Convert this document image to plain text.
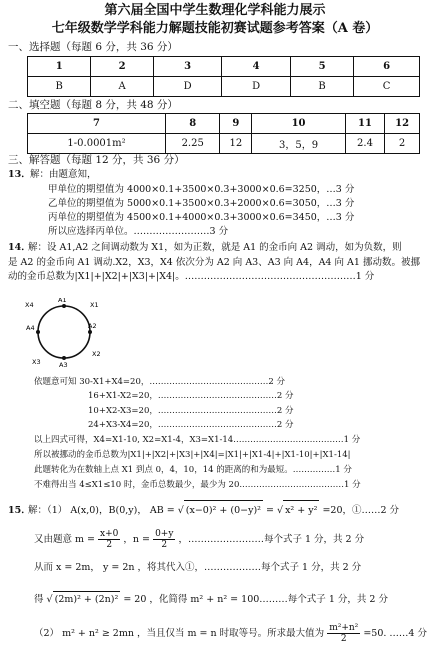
第六届全国中学生数理化学科能力展示
七年级数学学科能力解题技能初赛试题参考答案（A 卷）
一、选择题（每题 6 分，共 36 分）
1	2	3	4	5	6
B	A	D	D	B	C
二、填空题（每题 8 分，共 48 分）
7	8	9	10	11	12
1-0.0001m²	2.25	12	3，5，9	2.4	2
三、解答题（每题 12 分，共 36 分）
13． 解：由题意知，
甲单位的期望值为 4000×0.1+3500×0.3+3000×0.6=3250，…3 分
乙单位的期望值为 5000×0.1+3500×0.3+2000×0.6=3050，…3 分
丙单位的期望值为 4500×0.1+4000×0.3+3000×0.6=3450，…3 分
所以应选择丙单位。……………………3 分
14．
解：设 A1,A2 之间调动数为 X1，如为正数，就是 A1 的金币向 A2 调动，如为负数，则
是 A2 的金币向 A1 调动.X2，X3，X4 依次分为 A2 向 A3、A3 向 A4，A4 向 A1 挪动数。被挪
动的金币总数为|X1|+|X2|+|X3|+|X4|。………………………………………………1 分
A1
A2
A3
A4
X1
X2
X3
X4
依题意可知 30-X1+X4=20，……………………………………2 分
16+X1-X2=20，……………………………………2 分
10+X2-X3=20，……………………………………2 分
24+X3-X4=20，……………………………………2 分
以上四式可得，X4=X1-10, X2=X1-4，X3=X1-14…………………………………1 分
所以被挪动的金币总数为|X1|+|X2|+|X3|+|X4|=|X1|+|X1-4|+|X1-10|+|X1-14|
此题转化为在数轴上点 X1 到点 0，4，10，14 的距离的和为最短。……………1 分
不难得出当 4≤X1≤10 时，金币总数最少，最少为 20.………………………………1 分
15．
解：（1） A(x,0)，B(0,y)， AB = √ (x−0)² + (0−y)² = √ x² + y² =20，①……2 分
又由题意 $m = \frac{x+0}{2}$ ，$n = \frac{0+y}{2}$ ，……………………每个式子 1 分，共 2 分
从而 x = 2m， y = 2n ，将其代入①，………………每个式子 1 分，共 2 分
得 √ (2m)² + (2n)² = 20 ，化简得 m² + n² = 100………每个式子 1 分，共 2 分
（2） m² + n² ≥ 2mn ，当且仅当 m = n 时取等号。所求最大值为 $\frac{\text{m²+n²}}{2} =50$. ……4 分
